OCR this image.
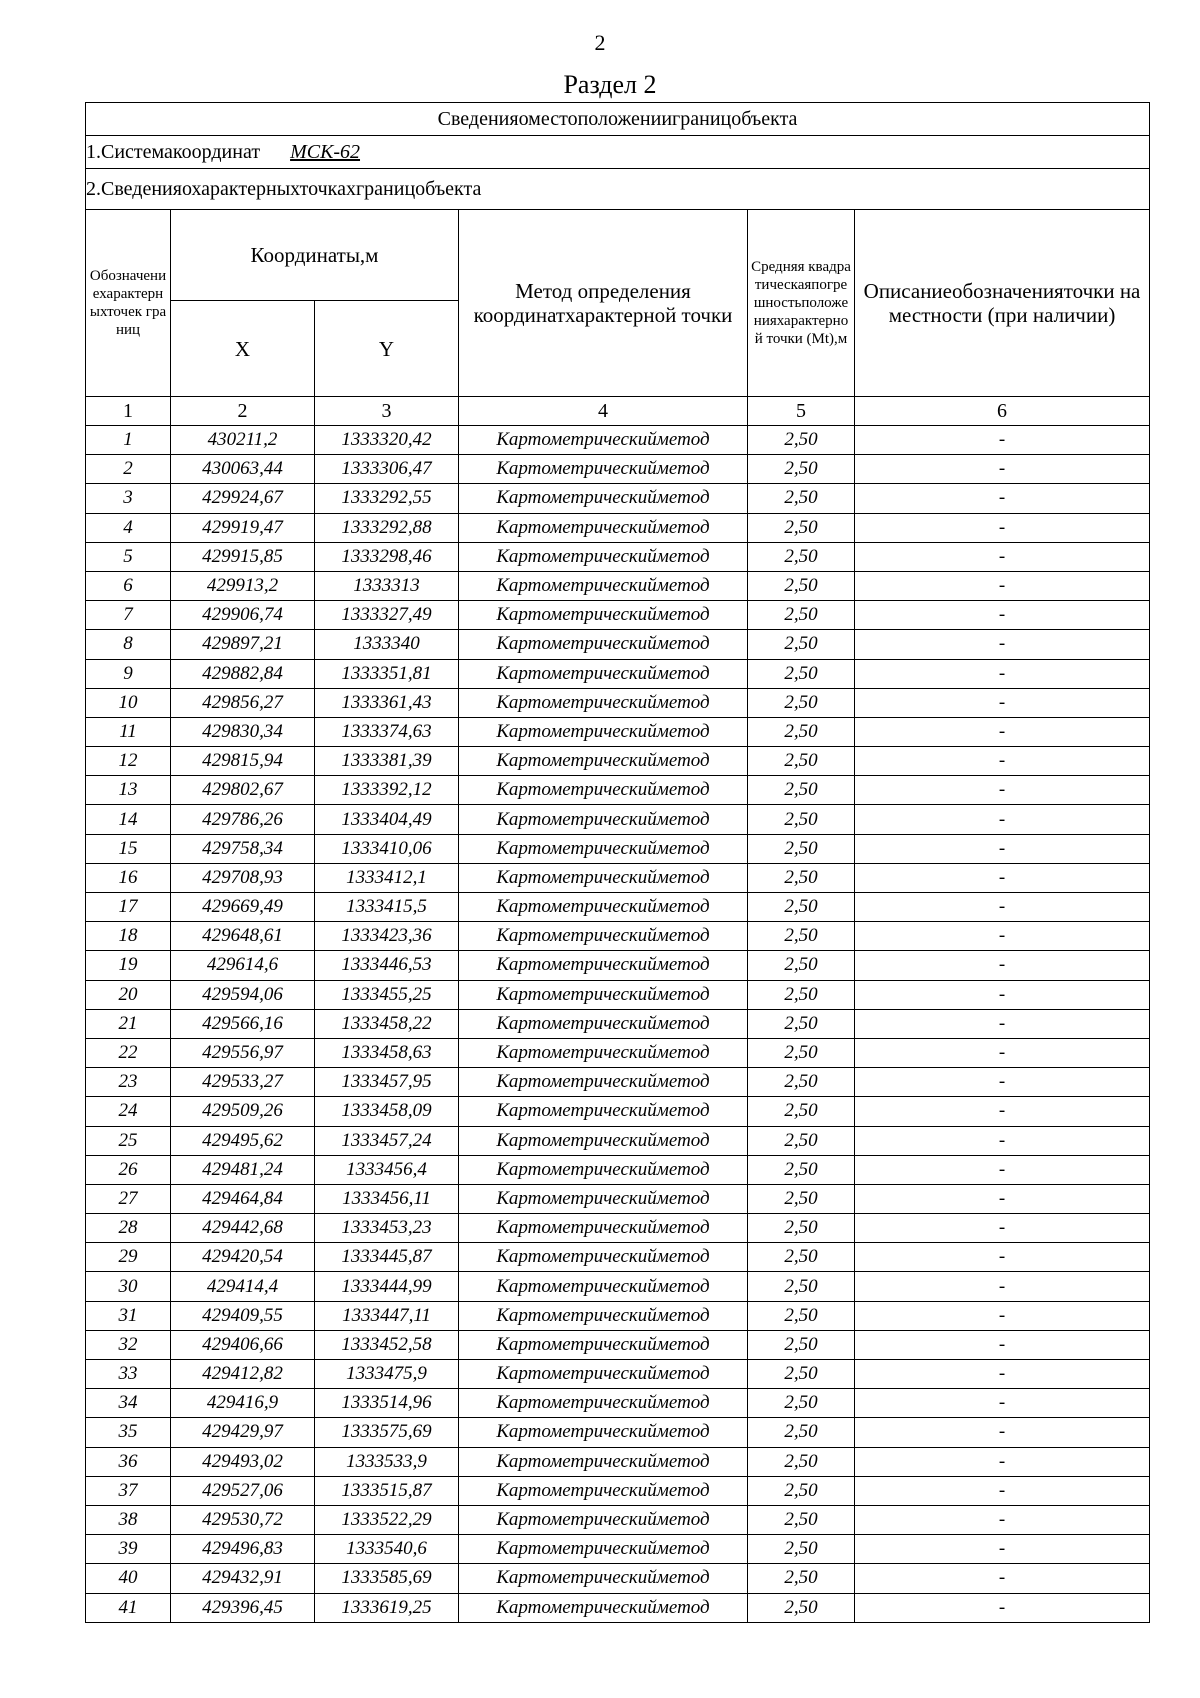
2
Раздел 2
Сведенияоместоположенииграницобъекта					
1.Системакоординат МСК-62					
2.Сведенияохарактерныхточкахграницобъекта					
Обозначениехарактерныхточек границ	Координаты,м		Метод определения координатхарактерной точки	Средняя квадратическаяпогрешностьположенияхарактерной точки (Mt),м	Описаниеобозначенияточки на местности (при наличии)
	X	Y			
1	2	3	4	5	6
1	430211,2	1333320,42	Картометрическийметод	2,50	-
2	430063,44	1333306,47	Картометрическийметод	2,50	-
3	429924,67	1333292,55	Картометрическийметод	2,50	-
4	429919,47	1333292,88	Картометрическийметод	2,50	-
5	429915,85	1333298,46	Картометрическийметод	2,50	-
6	429913,2	1333313	Картометрическийметод	2,50	-
7	429906,74	1333327,49	Картометрическийметод	2,50	-
8	429897,21	1333340	Картометрическийметод	2,50	-
9	429882,84	1333351,81	Картометрическийметод	2,50	-
10	429856,27	1333361,43	Картометрическийметод	2,50	-
11	429830,34	1333374,63	Картометрическийметод	2,50	-
12	429815,94	1333381,39	Картометрическийметод	2,50	-
13	429802,67	1333392,12	Картометрическийметод	2,50	-
14	429786,26	1333404,49	Картометрическийметод	2,50	-
15	429758,34	1333410,06	Картометрическийметод	2,50	-
16	429708,93	1333412,1	Картометрическийметод	2,50	-
17	429669,49	1333415,5	Картометрическийметод	2,50	-
18	429648,61	1333423,36	Картометрическийметод	2,50	-
19	429614,6	1333446,53	Картометрическийметод	2,50	-
20	429594,06	1333455,25	Картометрическийметод	2,50	-
21	429566,16	1333458,22	Картометрическийметод	2,50	-
22	429556,97	1333458,63	Картометрическийметод	2,50	-
23	429533,27	1333457,95	Картометрическийметод	2,50	-
24	429509,26	1333458,09	Картометрическийметод	2,50	-
25	429495,62	1333457,24	Картометрическийметод	2,50	-
26	429481,24	1333456,4	Картометрическийметод	2,50	-
27	429464,84	1333456,11	Картометрическийметод	2,50	-
28	429442,68	1333453,23	Картометрическийметод	2,50	-
29	429420,54	1333445,87	Картометрическийметод	2,50	-
30	429414,4	1333444,99	Картометрическийметод	2,50	-
31	429409,55	1333447,11	Картометрическийметод	2,50	-
32	429406,66	1333452,58	Картометрическийметод	2,50	-
33	429412,82	1333475,9	Картометрическийметод	2,50	-
34	429416,9	1333514,96	Картометрическийметод	2,50	-
35	429429,97	1333575,69	Картометрическийметод	2,50	-
36	429493,02	1333533,9	Картометрическийметод	2,50	-
37	429527,06	1333515,87	Картометрическийметод	2,50	-
38	429530,72	1333522,29	Картометрическийметод	2,50	-
39	429496,83	1333540,6	Картометрическийметод	2,50	-
40	429432,91	1333585,69	Картометрическийметод	2,50	-
41	429396,45	1333619,25	Картометрическийметод	2,50	-
